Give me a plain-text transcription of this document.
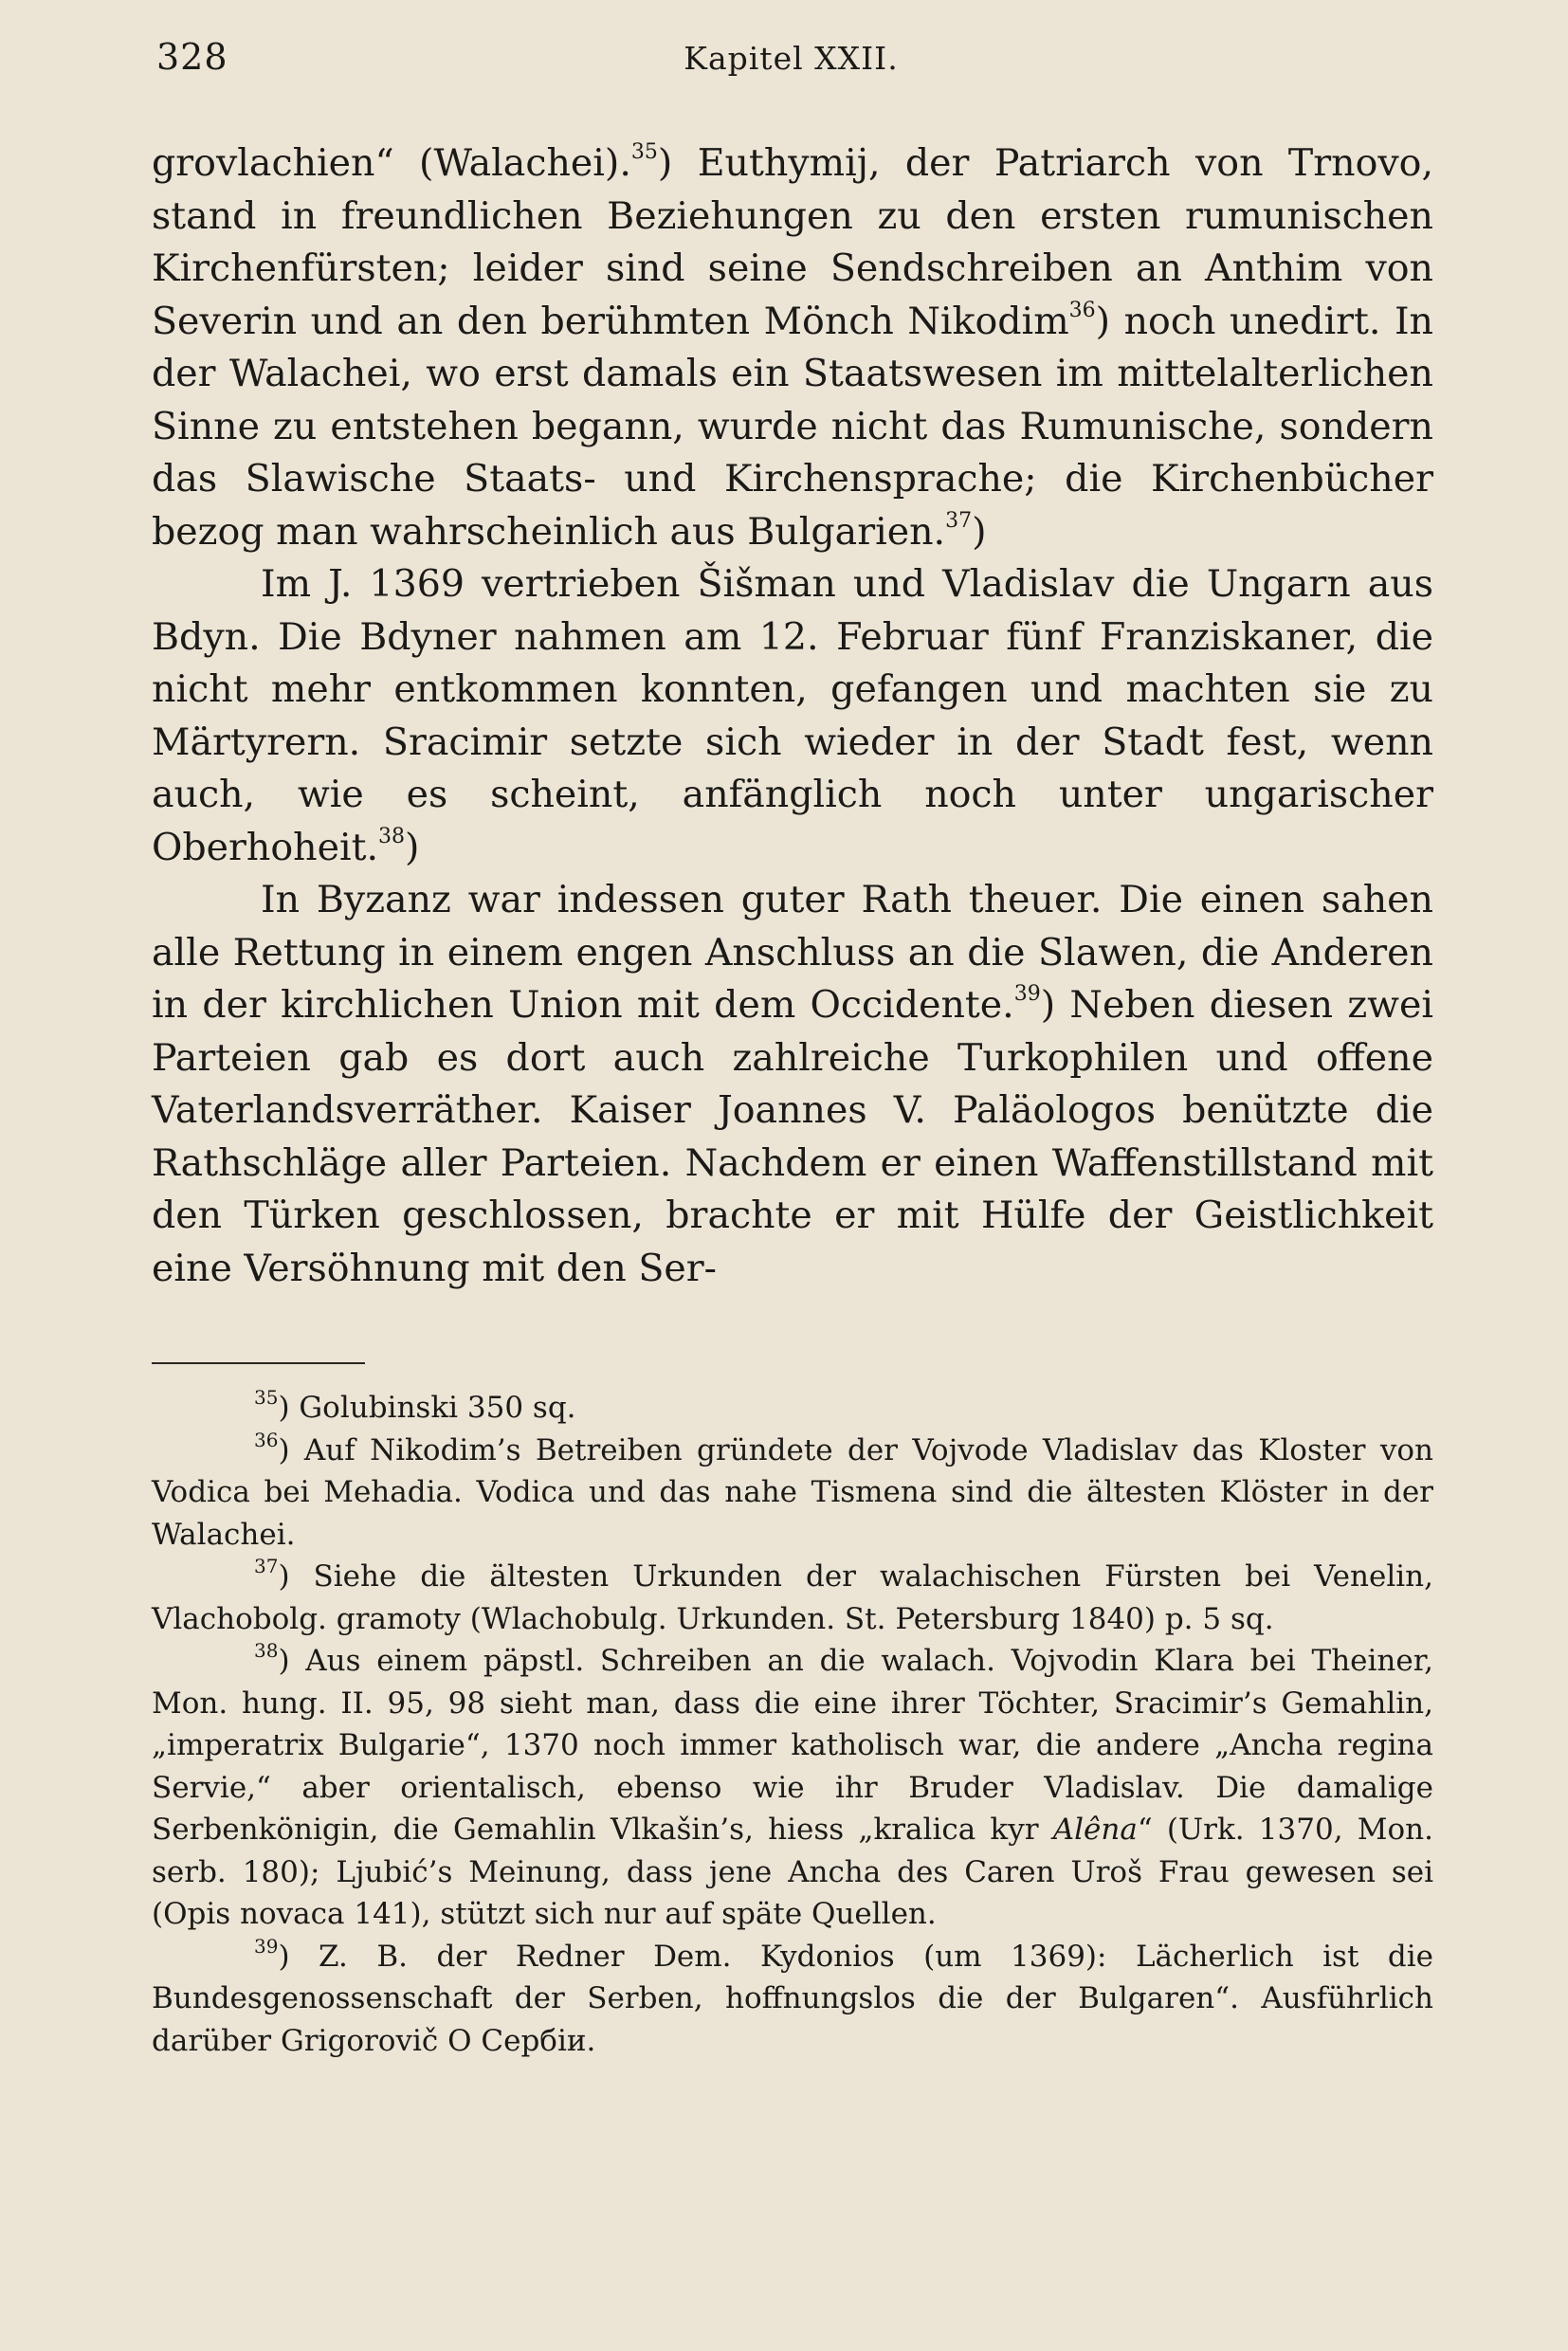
328	Kapitel XXII.

grovlachien“ (Walachei).$^{35}$) Euthymij, der Patriarch von Trnovo, stand in freundlichen Beziehungen zu den ersten rumunischen Kirchenfürsten; leider sind seine Sendschreiben an Anthim von Severin und an den berühmten Mönch Nikodim$^{36}$) noch unedirt. In der Walachei, wo erst damals ein Staatswesen im mittelalterlichen Sinne zu entstehen begann, wurde nicht das Rumunische, sondern das Slawische Staats- und Kirchensprache; die Kirchenbücher bezog man wahrscheinlich aus Bulgarien.$^{37}$)

Im J. 1369 vertrieben Šišman und Vladislav die Ungarn aus Bdyn. Die Bdyner nahmen am 12. Februar fünf Franziskaner, die nicht mehr entkommen konnten, gefangen und machten sie zu Märtyrern. Sracimir setzte sich wieder in der Stadt fest, wenn auch, wie es scheint, anfänglich noch unter ungarischer Oberhoheit.$^{38}$)

In Byzanz war indessen guter Rath theuer. Die einen sahen alle Rettung in einem engen Anschluss an die Slawen, die Anderen in der kirchlichen Union mit dem Occidente.$^{39}$) Neben diesen zwei Parteien gab es dort auch zahlreiche Turkophilen und offene Vaterlandsverräther. Kaiser Joannes V. Paläologos benützte die Rathschläge aller Parteien. Nachdem er einen Waffenstillstand mit den Türken geschlossen, brachte er mit Hülfe der Geistlichkeit eine Versöhnung mit den Ser-

$^{35}$) Golubinski 350 sq.

$^{36}$) Auf Nikodim’s Betreiben gründete der Vojvode Vladislav das Kloster von Vodica bei Mehadia. Vodica und das nahe Tismena sind die ältesten Klöster in der Walachei.

$^{37}$) Siehe die ältesten Urkunden der walachischen Fürsten bei Venelin, Vlachobolg. gramoty (Wlachobulg. Urkunden. St. Petersburg 1840) p. 5 sq.

$^{38}$) Aus einem päpstl. Schreiben an die walach. Vojvodin Klara bei Theiner, Mon. hung. II. 95, 98 sieht man, dass die eine ihrer Töchter, Sracimir’s Gemahlin, „imperatrix Bulgarie“, 1370 noch immer katholisch war, die andere „Ancha regina Servie,“ aber orientalisch, ebenso wie ihr Bruder Vladislav. Die damalige Serbenkönigin, die Gemahlin Vlkašin’s, hiess „kralica kyr Alêna“ (Urk. 1370, Mon. serb. 180); Ljubić’s Meinung, dass jene Ancha des Caren Uroš Frau gewesen sei (Opis novaca 141), stützt sich nur auf späte Quellen.

$^{39}$) Z. B. der Redner Dem. Kydonios (um 1369): Lächerlich ist die Bundesgenossenschaft der Serben, hoffnungslos die der Bulgaren“. Ausführlich darüber Grigorovič O Сербіи.
